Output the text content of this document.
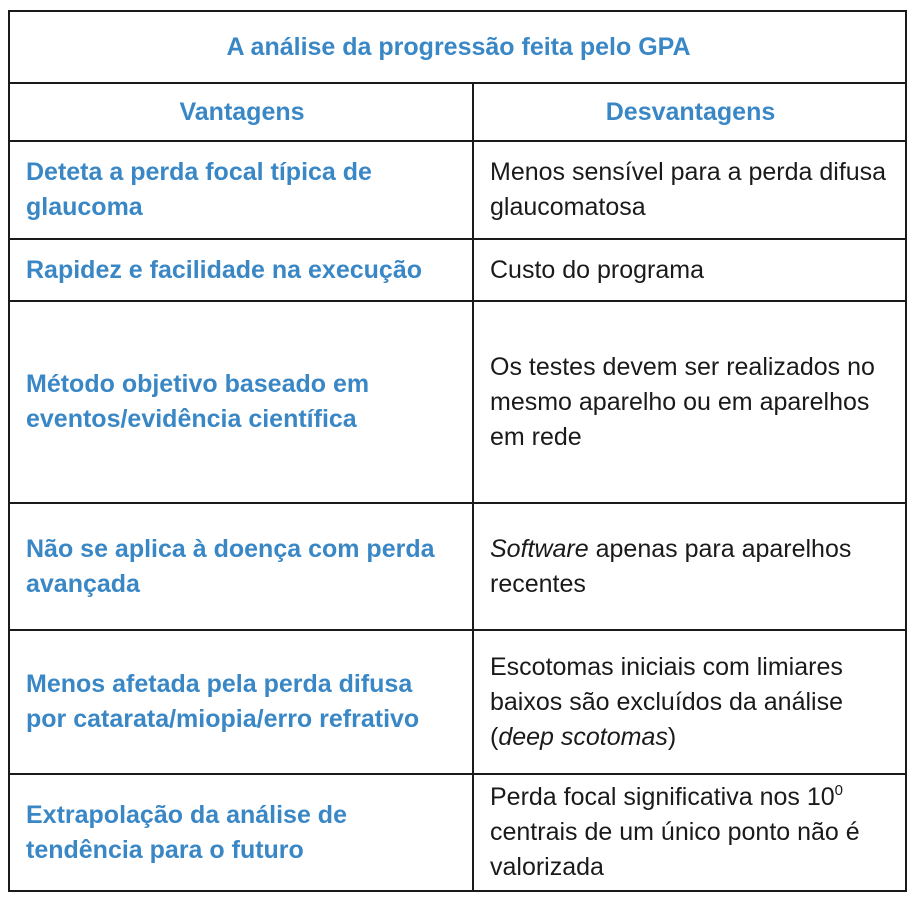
A análise da progressão feita pelo GPA	
Vantagens	Desvantagens
Deteta a perda focal típica de glaucoma	Menos sensível para a perda difusa glaucomatosa
Rapidez e facilidade na execução	Custo do programa
Método objetivo baseado em eventos/evidência científica	Os testes devem ser realizados no mesmo aparelho ou em aparelhos em rede
Não se aplica à doença com perda avançada	Software apenas para aparelhos recentes
Menos afetada pela perda difusa por catarata/miopia/erro refrativo	Escotomas iniciais com limiares baixos são excluídos da análise (deep scotomas)
Extrapolação da análise de tendência para o futuro	Perda focal significativa nos $10^0$ centrais de um único ponto não é valorizada
